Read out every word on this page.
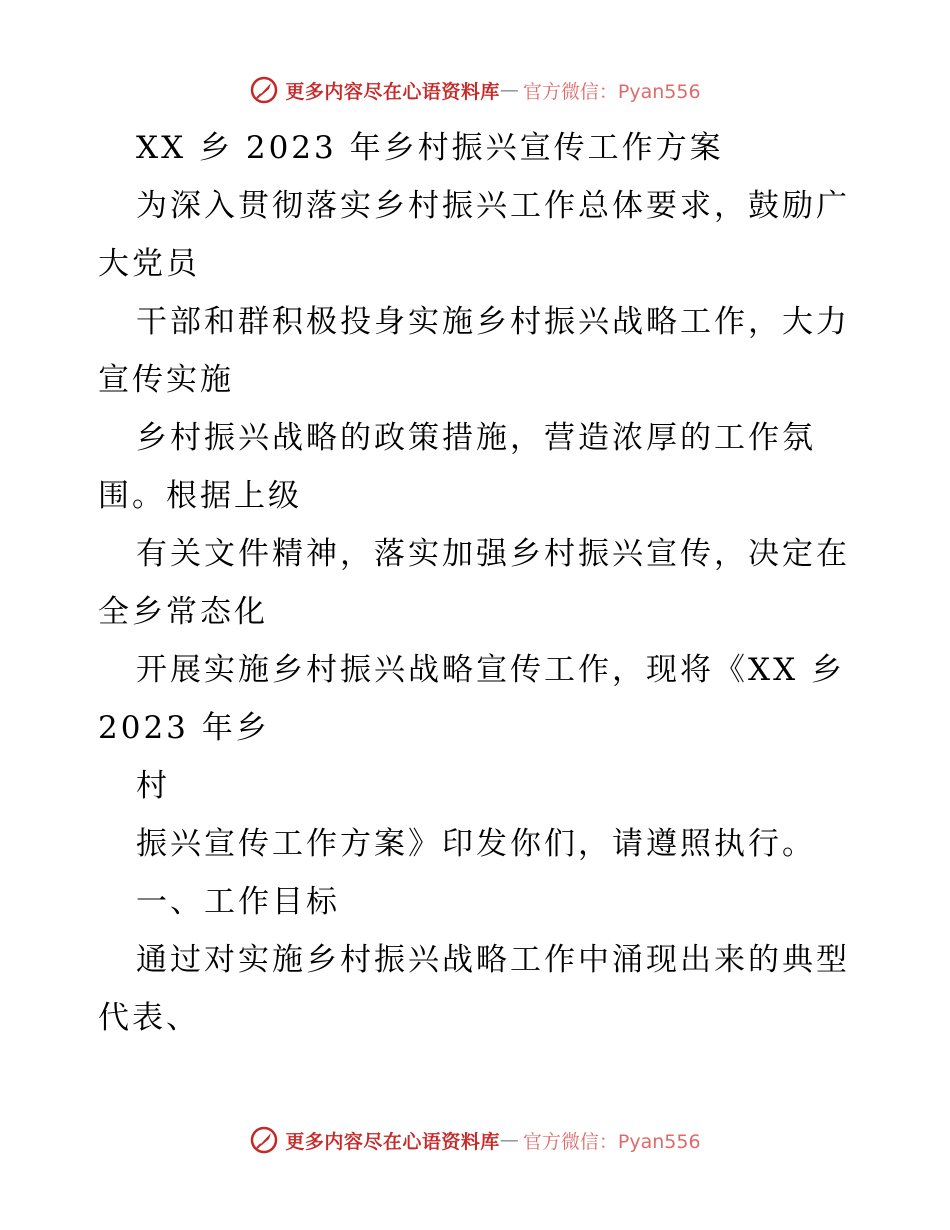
更多内容尽在心语资料库 — 官方微信：Pyan556
XX 乡 2023 年乡村振兴宣传工作方案
为深入贯彻落实乡村振兴工作总体要求，鼓励广
大党员
干部和群积极投身实施乡村振兴战略工作，大力
宣传实施
乡村振兴战略的政策措施，营造浓厚的工作氛
围。根据上级
有关文件精神，落实加强乡村振兴宣传，决定在
全乡常态化
开展实施乡村振兴战略宣传工作，现将《XX 乡
2023 年乡
村
振兴宣传工作方案》印发你们，请遵照执行。
一、工作目标
通过对实施乡村振兴战略工作中涌现出来的典型
代表、
更多内容尽在心语资料库 — 官方微信：Pyan556
